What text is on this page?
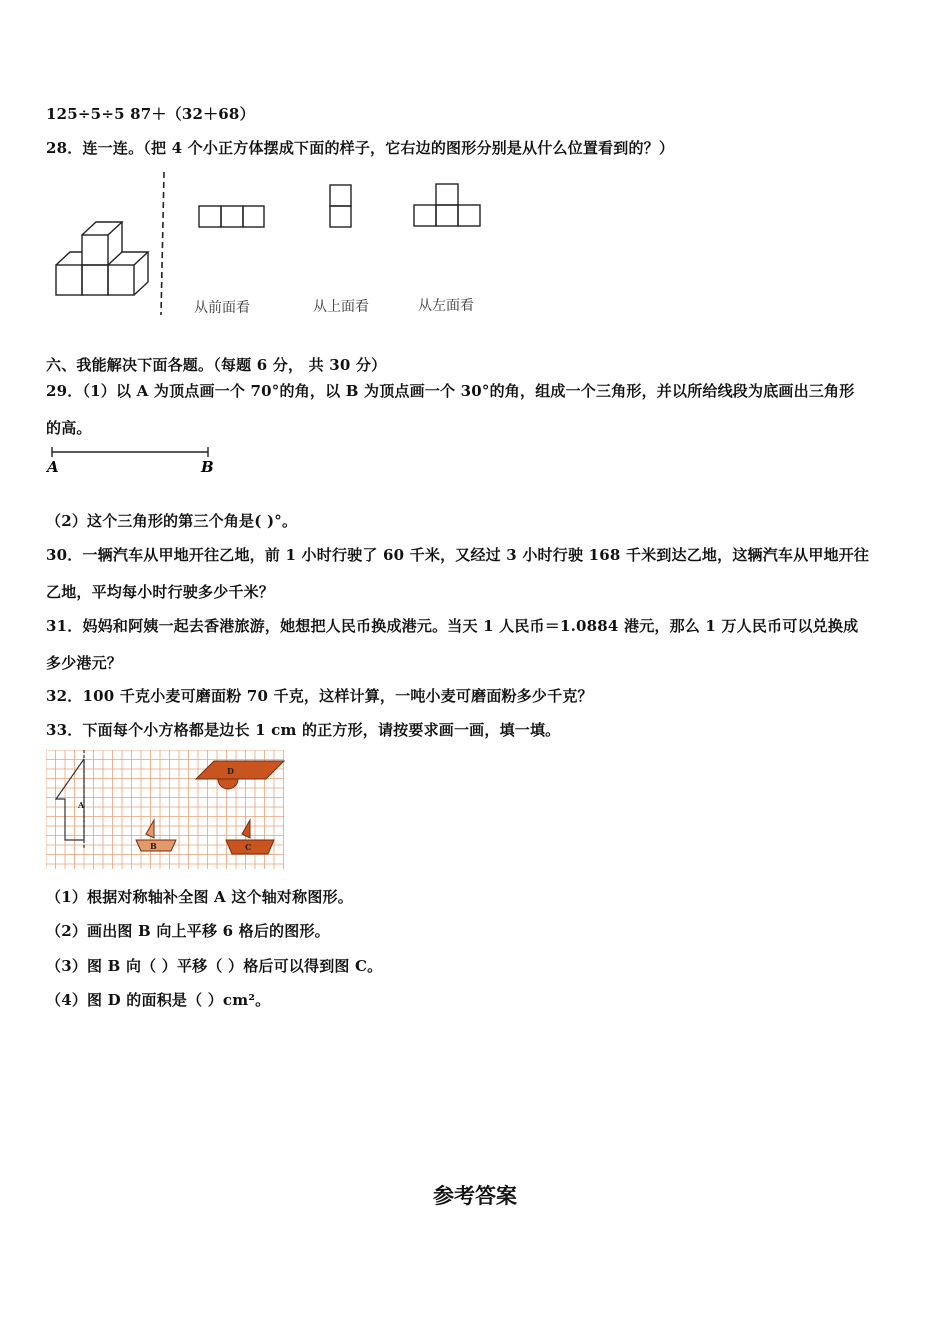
125÷5÷5 87＋（32＋68）
28．连一连。（把 4 个小正方体摆成下面的样子，它右边的图形分别是从什么位置看到的？）
从前面看	从上面看	从左面看
六、我能解决下面各题。（每题 6 分， 共 30 分）
29．（1）以 A 为顶点画一个 70°的角，以 B 为顶点画一个 30°的角，组成一个三角形，并以所给线段为底画出三角形
的高。
A	B
（2）这个三角形的第三个角是( )°。
30．一辆汽车从甲地开往乙地，前 1 小时行驶了 60 千米，又经过 3 小时行驶 168 千米到达乙地，这辆汽车从甲地开往
乙地，平均每小时行驶多少千米？
31．妈妈和阿姨一起去香港旅游，她想把人民币换成港元。当天 1 人民币＝1.0884 港元，那么 1 万人民币可以兑换成
多少港元？
32．100 千克小麦可磨面粉 70 千克，这样计算，一吨小麦可磨面粉多少千克？
33．下面每个小方格都是边长 1 cm 的正方形，请按要求画一画，填一填。
A
D
B	C
（1）根据对称轴补全图 A 这个轴对称图形。
（2）画出图 B 向上平移 6 格后的图形。
（3）图 B 向（ ）平移（ ）格后可以得到图 C。
（4）图 D 的面积是（ ）cm²。
参考答案
